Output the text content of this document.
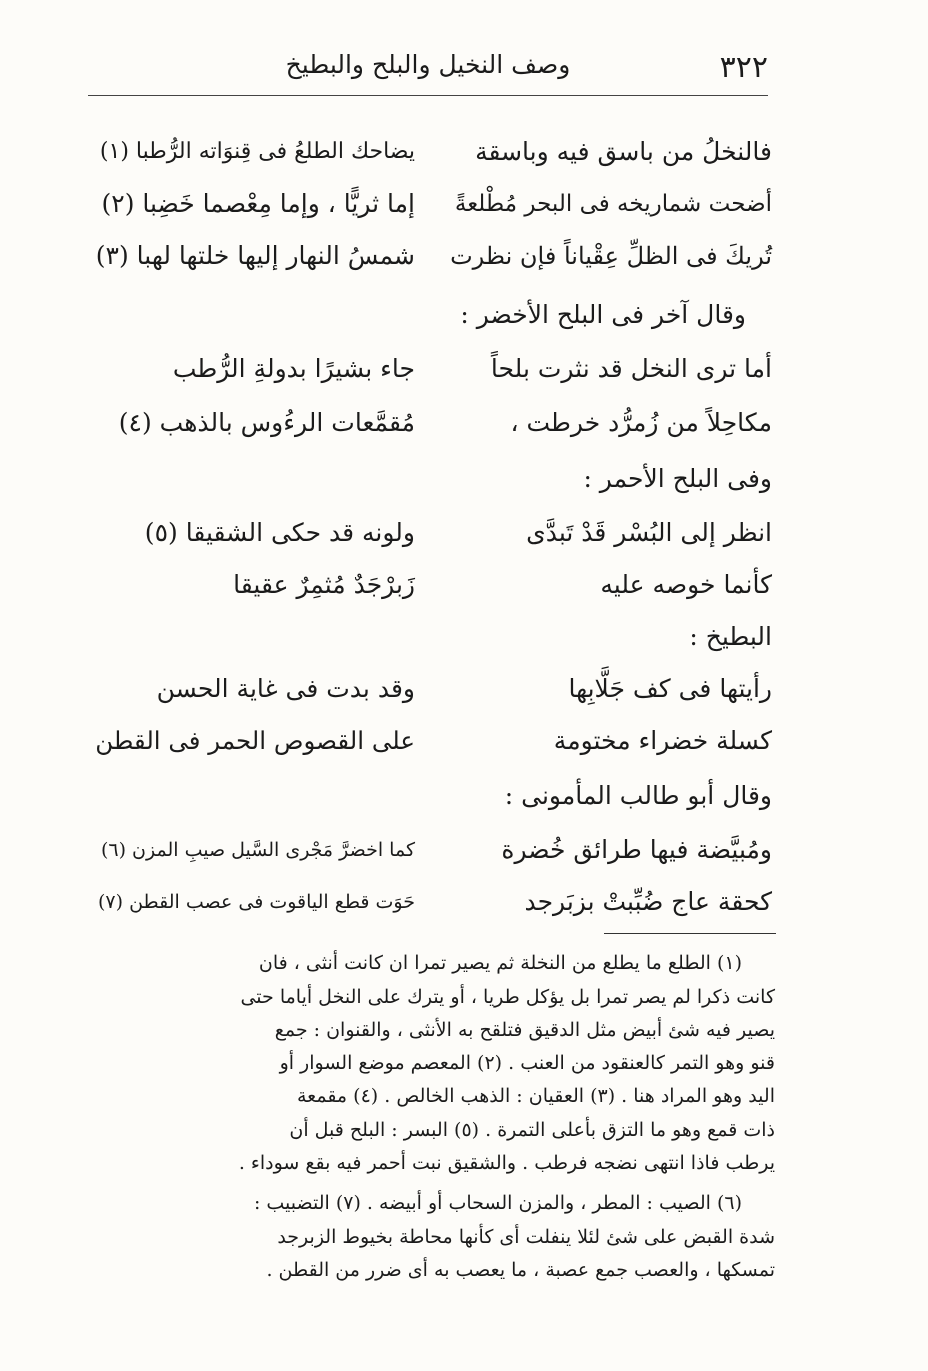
٣٢٢
وصف النخيل والبلح والبطيخ
فالنخلُ من باسق فيه وباسقة
يضاحك الطلعُ فى قِنوَاته الرُّطبا (١)
أضحت شماريخه فى البحر مُطْلعةً
إما ثريًّا ، وإما مِعْصما خَضِبا (٢)
تُريكَ فى الظلِّ عِقْياناً فإن نظرت
شمسُ النهار إليها خلتها لهبا (٣)
وقال آخر فى البلح الأخضر :
أما ترى النخل قد نثرت بلحاً
جاء بشيرًا بدولةِ الرُّطب
مكاحِلاً من زُمرُّد خرطت ،
مُقمَّعات الرءُوس بالذهب (٤)
وفى البلح الأحمر :
انظر إلى البُسْر قَدْ تَبدَّى
ولونه قد حكى الشقيقا (٥)
كأنما خوصه عليه
زَبرْجَدٌ مُثمِرٌ عقيقا
البطيخ :
رأيتها فى كف جَلَّابِها
وقد بدت فى غاية الحسن
كسلة خضراء مختومة
على القصوص الحمر فى القطن
وقال أبو طالب المأمونى :
ومُبيَّضة فيها طرائق خُضرة
كما اخضرَّ مَجْرى السَّيل صيبِ المزن (٦)
كحقة عاج ضُبِّبتْ بزبَرجد
حَوَت قطع الياقوت فى عصب القطن (٧)
(١) الطلع ما يطلع من النخلة ثم يصير تمرا ان كانت أنثى ، فان
كانت ذكرا لم يصر تمرا بل يؤكل طريا ، أو يترك على النخل أياما حتى
يصير فيه شئ أبيض مثل الدقيق فتلقح به الأنثى ، والقنوان : جمع
قنو وهو التمر كالعنقود من العنب . (٢) المعصم موضع السوار أو
اليد وهو المراد هنا . (٣) العقيان : الذهب الخالص . (٤) مقمعة
ذات قمع وهو ما التزق بأعلى التمرة . (٥) البسر : البلح قبل أن
يرطب فاذا انتهى نضجه فرطب . والشقيق نبت أحمر فيه بقع سوداء .
(٦) الصيب : المطر ، والمزن السحاب أو أبيضه . (٧) التضبيب :
شدة القبض على شئ لئلا ينفلت أى كأنها محاطة بخيوط الزبرجد
تمسكها ، والعصب جمع عصبة ، ما يعصب به أى ضرر من القطن .
